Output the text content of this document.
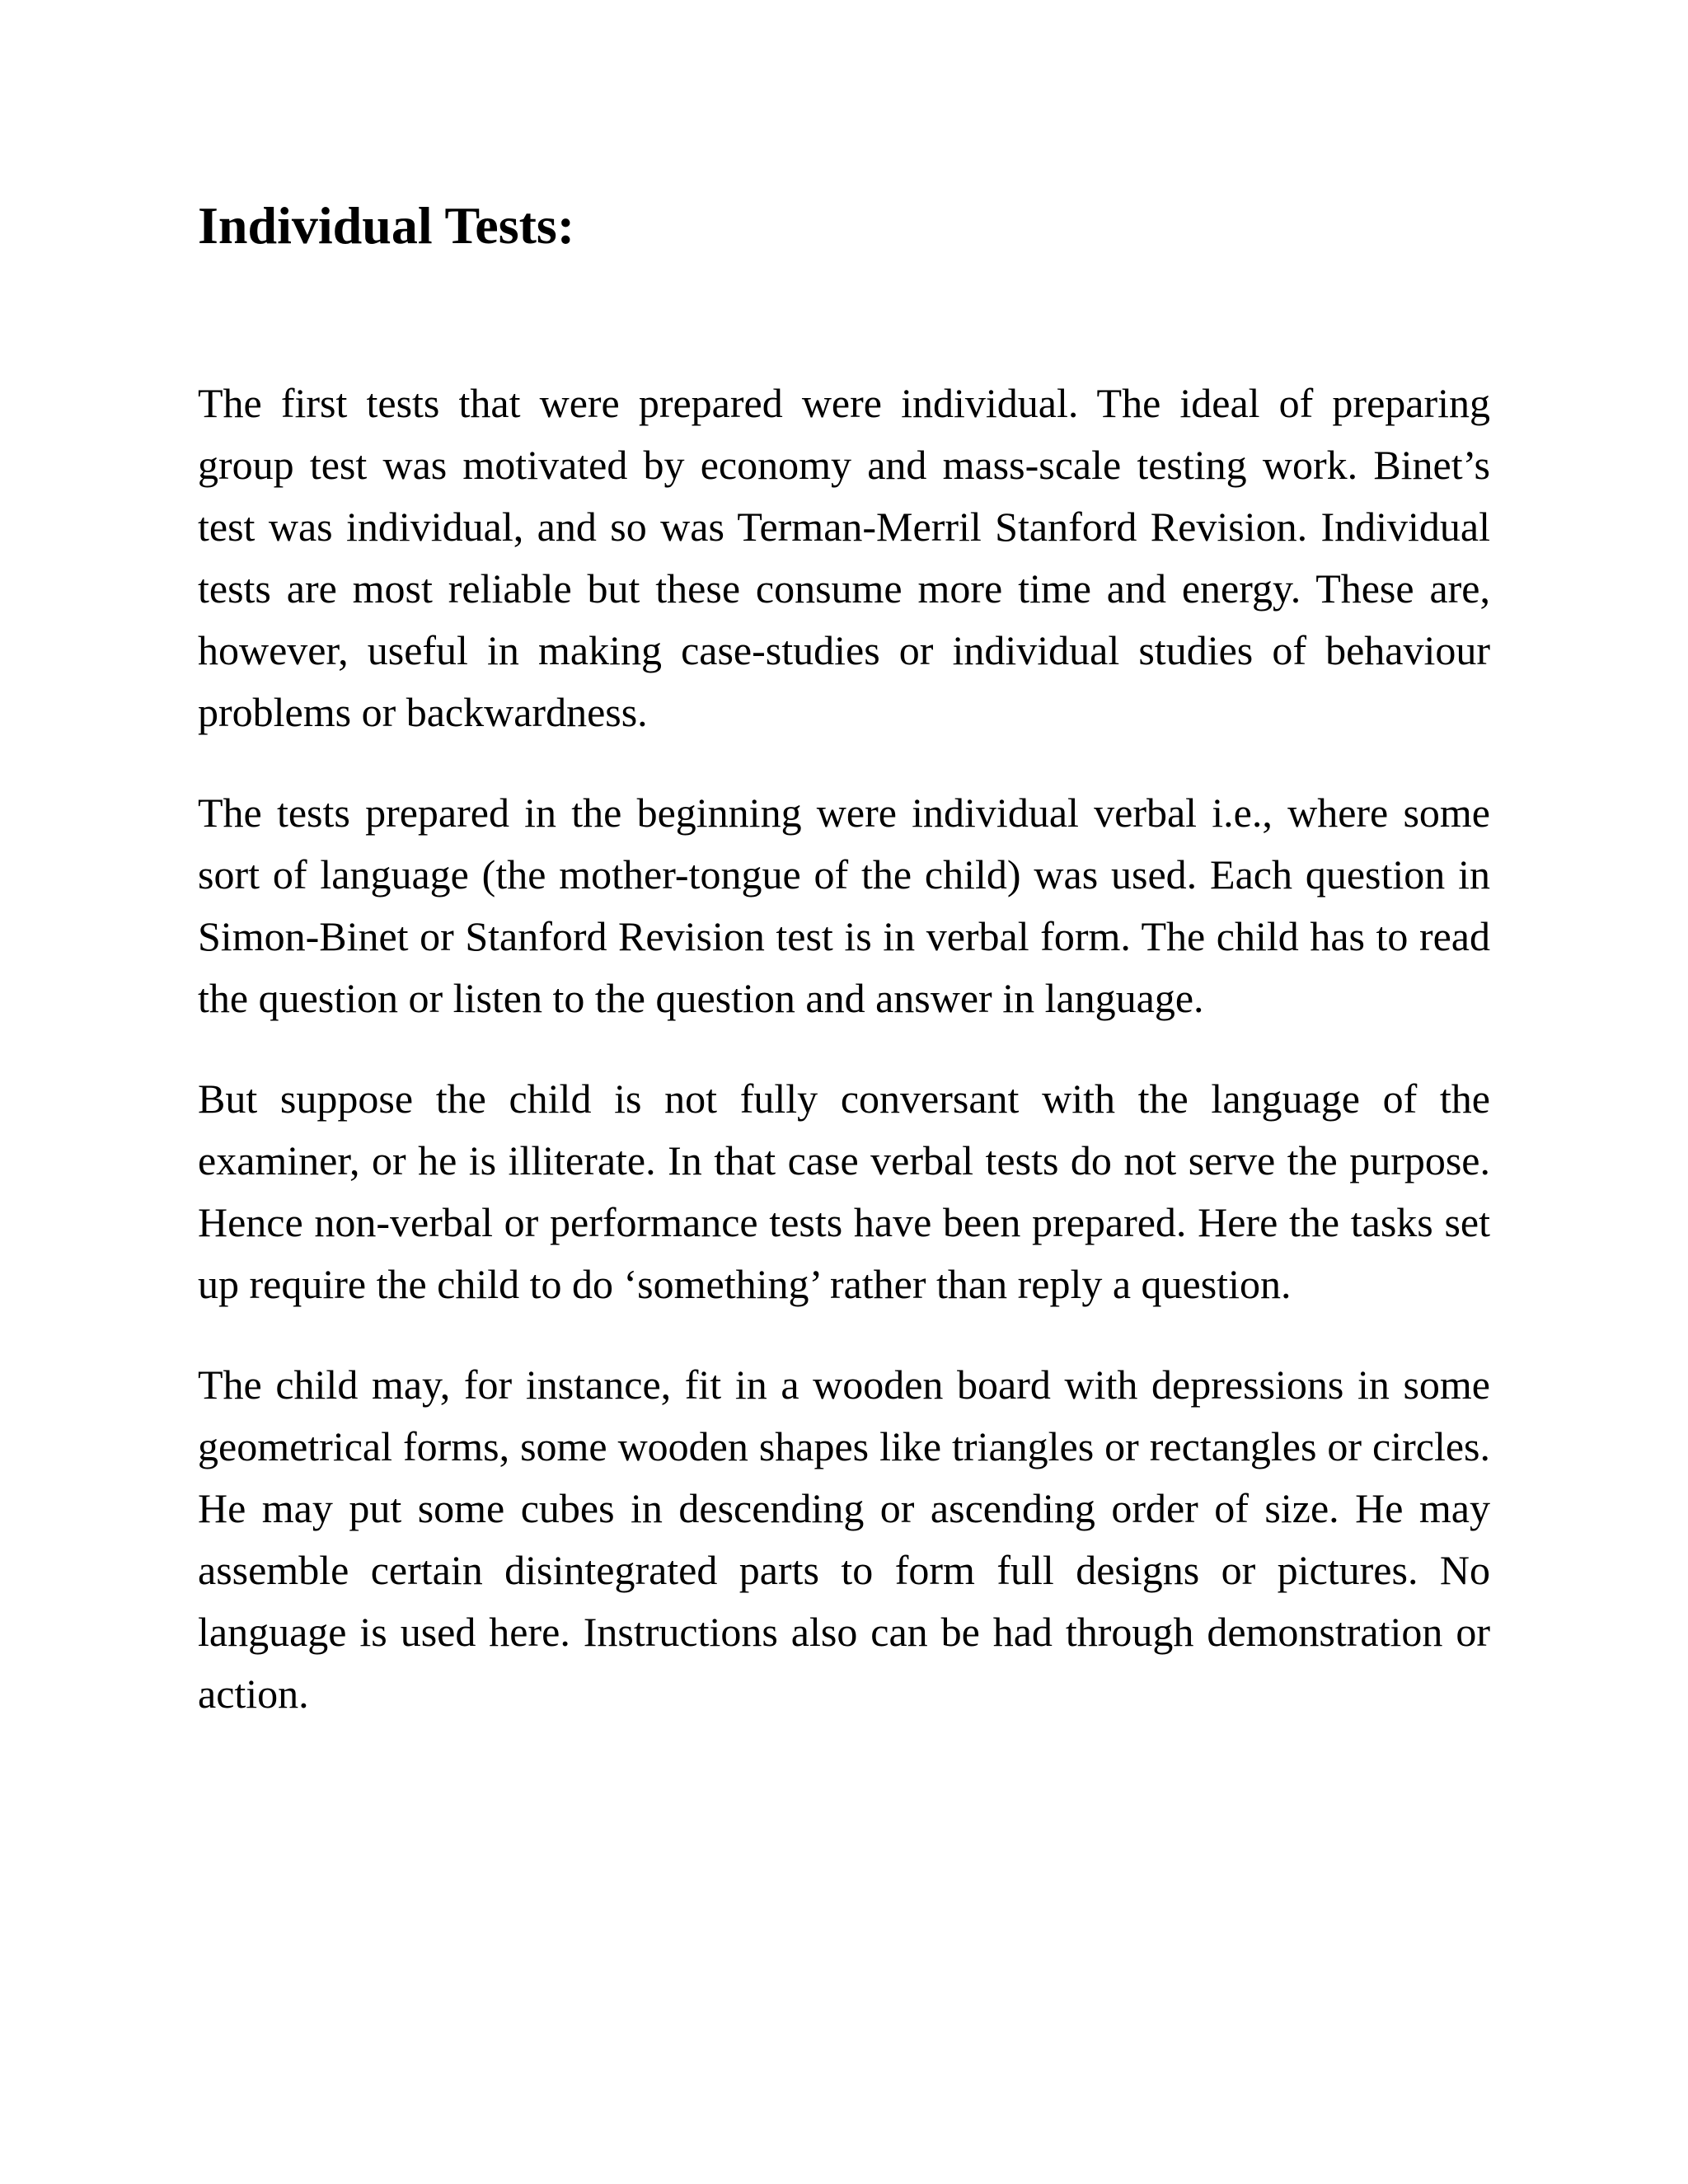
Individual Tests:

The first tests that were prepared were individual. The ideal of preparing group test was motivated by economy and mass-scale testing work. Binet’s test was individual, and so was Terman-Merril Stanford Revision. Individual tests are most reliable but these consume more time and energy. These are, however, useful in making case-studies or individual studies of behaviour problems or backwardness.

The tests prepared in the beginning were individual verbal i.e., where some sort of language (the mother-tongue of the child) was used. Each question in Simon-Binet or Stanford Revision test is in verbal form. The child has to read the question or listen to the question and answer in language.

But suppose the child is not fully conversant with the language of the examiner, or he is illiterate. In that case verbal tests do not serve the purpose. Hence non-verbal or performance tests have been prepared. Here the tasks set up require the child to do ‘something’ rather than reply a question.

The child may, for instance, fit in a wooden board with depressions in some geometrical forms, some wooden shapes like triangles or rectangles or circles. He may put some cubes in descending or ascending order of size. He may assemble certain disintegrated parts to form full designs or pictures. No language is used here. Instructions also can be had through demonstration or action.
